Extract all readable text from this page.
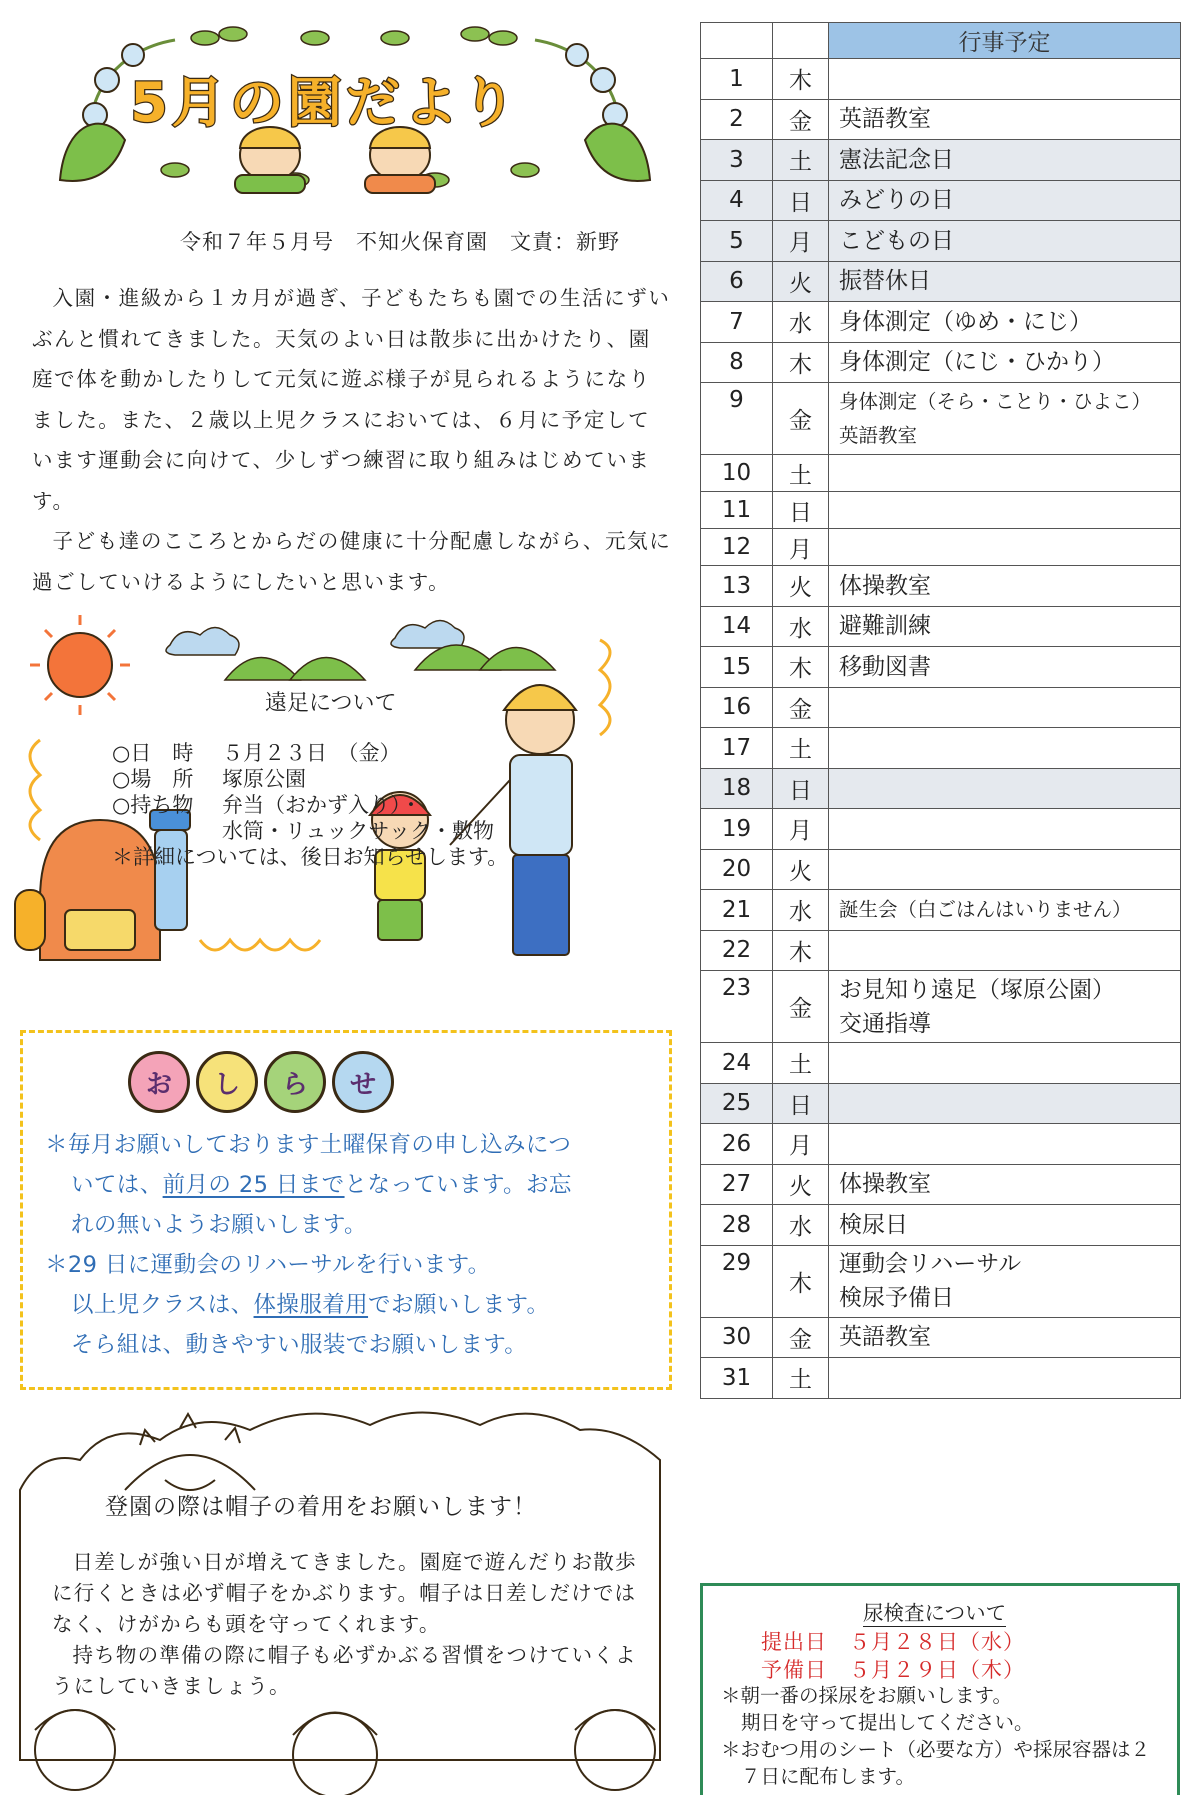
5月の園だより
令和７年５月号　不知火保育園　文責：新野

入園・進級から１カ月が過ぎ、子どもたちも園での生活にずいぶんと慣れてきました。天気のよい日は散歩に出かけたり、園庭で体を動かしたりして元気に遊ぶ様子が見られるようになりました。また、２歳以上児クラスにおいては、６月に予定しています運動会に向けて、少しずつ練習に取り組みはじめています。

子ども達のこころとからだの健康に十分配慮しながら、元気に過ごしていけるようにしたいと思います。

遠足について
○日　時	５月２３日　（金）
○場　所	塚原公園
○持ち物	弁当（おかず入り）・
水筒・リュックサック・敷物
＊詳細については、後日お知らせします。
お	し	ら	せ
＊毎月お願いしております土曜保育の申し込みにつ
いては、前月の 25 日までとなっています。お忘
れの無いようお願いします。
＊29 日に運動会のリハーサルを行います。
以上児クラスは、体操服着用でお願いします。
そら組は、動きやすい服装でお願いします。
登園の際は帽子の着用をお願いします！

日差しが強い日が増えてきました。園庭で遊んだりお散歩に行くときは必ず帽子をかぶります。帽子は日差しだけではなく、けがからも頭を守ってくれます。

持ち物の準備の際に帽子も必ずかぶる習慣をつけていくようにしていきましょう。

		行事予定
1	木	
2	金	英語教室
3	土	憲法記念日
4	日	みどりの日
5	月	こどもの日
6	火	振替休日
7	水	身体測定（ゆめ・にじ）
8	木	身体測定（にじ・ひかり）
9	金	身体測定（そら・ことり・ひよこ）
英語教室

10	土	
11	日	
12	月	
13	火	体操教室
14	水	避難訓練
15	木	移動図書
16	金	
17	土	
18	日	
19	月	
20	火	
21	水	誕生会（白ごはんはいりません）
22	木	
23	金	お見知り遠足（塚原公園）
交通指導

24	土	
25	日	
26	月	
27	火	体操教室
28	水	検尿日
29	木	運動会リハーサル
検尿予備日

30	金	英語教室
31	土	
尿検査について
提出日　５月２８日（水）
予備日　５月２９日（木）
＊朝一番の採尿をお願いします。
期日を守って提出してください。
＊おむつ用のシート（必要な方）や採尿容器は２
７日に配布します。
